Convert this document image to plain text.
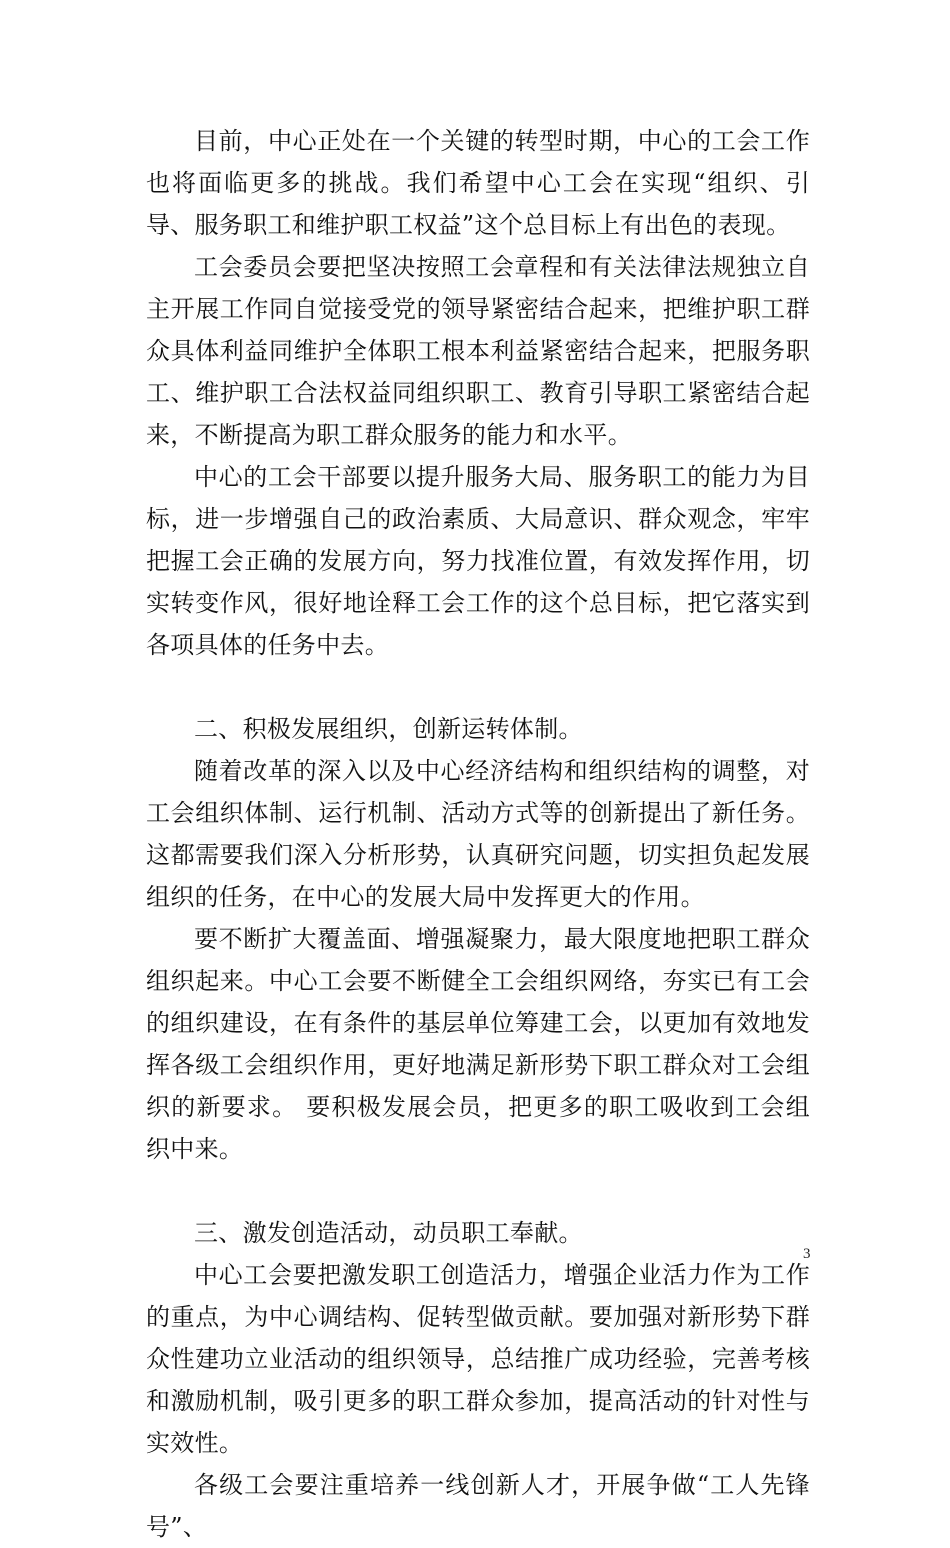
目前，中心正处在一个关键的转型时期，中心的工会工作也将面临更多的挑战。我们希望中心工会在实现“组织、引导、服务职工和维护职工权益”这个总目标上有出色的表现。

工会委员会要把坚决按照工会章程和有关法律法规独立自主开展工作同自觉接受党的领导紧密结合起来，把维护职工群众具体利益同维护全体职工根本利益紧密结合起来，把服务职工、维护职工合法权益同组织职工、教育引导职工紧密结合起来，不断提高为职工群众服务的能力和水平。

中心的工会干部要以提升服务大局、服务职工的能力为目标，进一步增强自己的政治素质、大局意识、群众观念，牢牢把握工会正确的发展方向，努力找准位置，有效发挥作用，切实转变作风，很好地诠释工会工作的这个总目标，把它落实到各项具体的任务中去。

二、积极发展组织，创新运转体制。

随着改革的深入以及中心经济结构和组织结构的调整，对工会组织体制、运行机制、活动方式等的创新提出了新任务。这都需要我们深入分析形势，认真研究问题，切实担负起发展组织的任务，在中心的发展大局中发挥更大的作用。

要不断扩大覆盖面、增强凝聚力，最大限度地把职工群众组织起来。中心工会要不断健全工会组织网络，夯实已有工会的组织建设，在有条件的基层单位筹建工会，以更加有效地发挥各级工会组织作用，更好地满足新形势下职工群众对工会组织的新要求。 要积极发展会员，把更多的职工吸收到工会组织中来。

三、激发创造活动，动员职工奉献。

中心工会要把激发职工创造活力，增强企业活力作为工作的重点，为中心调结构、促转型做贡献。要加强对新形势下群众性建功立业活动的组织领导，总结推广成功经验，完善考核和激励机制，吸引更多的职工群众参加，提高活动的针对性与实效性。

各级工会要注重培养一线创新人才，开展争做“工人先锋号”、

3
